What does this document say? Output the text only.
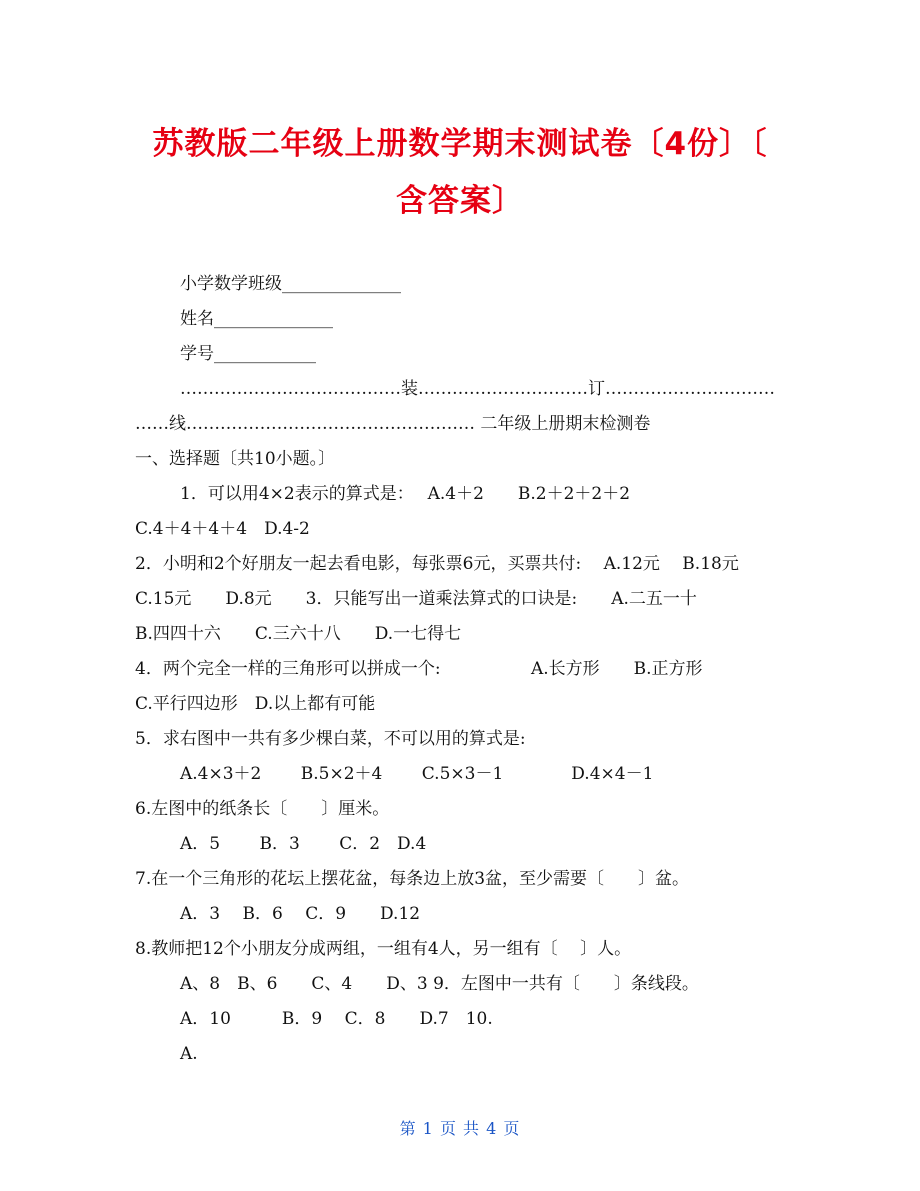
苏教版二年级上册数学期末测试卷〔4份〕〔
含答案〕
小学数学班级______________
姓名______________
学号____________
…………………………………装…………………………订…………………………
……线…………………………………………… 二年级上册期末检测卷
一、选择题〔共10小题。〕
1．可以用4×2表示的算式是：　 A.4＋2　　B.2＋2＋2＋2
C.4＋4＋4＋4　D.4-2
2．小明和2个好朋友一起去看电影，每张票6元，买票共付:　 A.12元　 B.18元
C.15元　　D.8元　　3．只能写出一道乘法算式的口诀是:　　A.二五一十
B.四四十六　　C.三六十八　　D.一七得七
4．两个完全一样的三角形可以拼成一个:　　　　　 A.长方形　　B.正方形
C.平行四边形　D.以上都有可能
5．求右图中一共有多少棵白菜，不可以用的算式是:
A.4×3＋2　　 B.5×2＋4　　 C.5×3－1　　　　D.4×4－1
6.左图中的纸条长〔　　〕厘米。
A．5　　 B．3　　 C．2　D.4
7.在一个三角形的花坛上摆花盆，每条边上放3盆，至少需要〔　　〕盆。
A．3　 B．6　 C．9　　D.12
8.教师把12个小朋友分成两组，一组有4人，另一组有〔　 〕人。
A、8　B、6　　C、4　　D、3 9．左图中一共有〔　　〕条线段。
A．10　　　B．9　 C．8　　D.7　10.
A.
第 1 页 共 4 页
